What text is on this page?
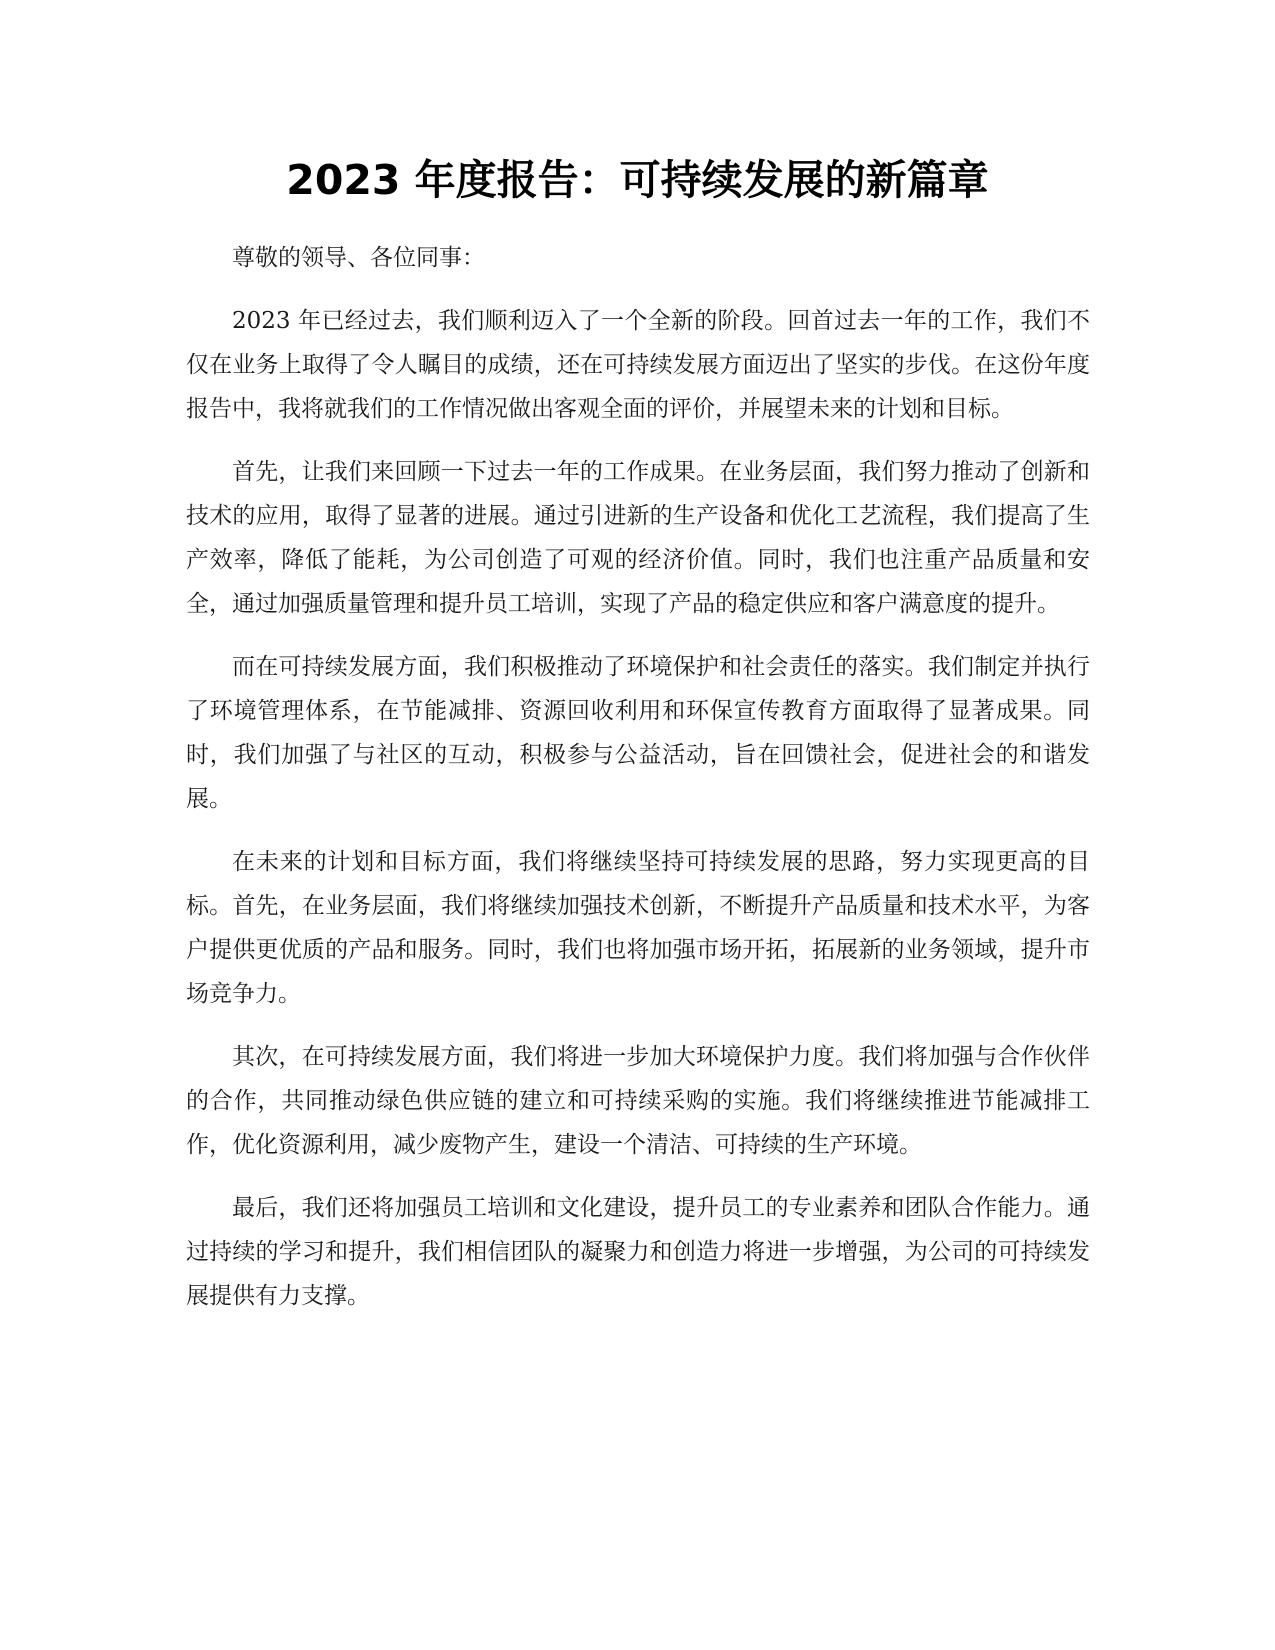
2023 年度报告：可持续发展的新篇章

尊敬的领导、各位同事：

2023 年已经过去，我们顺利迈入了一个全新的阶段。回首过去一年的工作，我们不仅在业务上取得了令人瞩目的成绩，还在可持续发展方面迈出了坚实的步伐。在这份年度报告中，我将就我们的工作情况做出客观全面的评价，并展望未来的计划和目标。

首先，让我们来回顾一下过去一年的工作成果。在业务层面，我们努力推动了创新和技术的应用，取得了显著的进展。通过引进新的生产设备和优化工艺流程，我们提高了生产效率，降低了能耗，为公司创造了可观的经济价值。同时，我们也注重产品质量和安全，通过加强质量管理和提升员工培训，实现了产品的稳定供应和客户满意度的提升。

而在可持续发展方面，我们积极推动了环境保护和社会责任的落实。我们制定并执行了环境管理体系，在节能减排、资源回收利用和环保宣传教育方面取得了显著成果。同时，我们加强了与社区的互动，积极参与公益活动，旨在回馈社会，促进社会的和谐发展。

在未来的计划和目标方面，我们将继续坚持可持续发展的思路，努力实现更高的目标。首先，在业务层面，我们将继续加强技术创新，不断提升产品质量和技术水平，为客户提供更优质的产品和服务。同时，我们也将加强市场开拓，拓展新的业务领域，提升市场竞争力。

其次，在可持续发展方面，我们将进一步加大环境保护力度。我们将加强与合作伙伴的合作，共同推动绿色供应链的建立和可持续采购的实施。我们将继续推进节能减排工作，优化资源利用，减少废物产生，建设一个清洁、可持续的生产环境。

最后，我们还将加强员工培训和文化建设，提升员工的专业素养和团队合作能力。通过持续的学习和提升，我们相信团队的凝聚力和创造力将进一步增强，为公司的可持续发展提供有力支撑。
